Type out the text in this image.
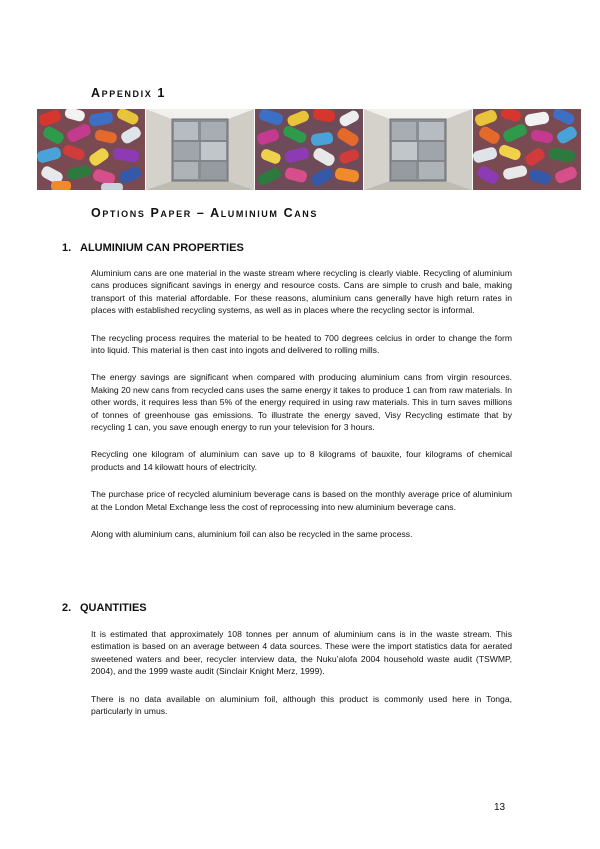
Appendix 1
Options Paper – Aluminium Cans
1. ALUMINIUM CAN PROPERTIES

Aluminium cans are one material in the waste stream where recycling is clearly viable. Recycling of aluminium cans produces significant savings in energy and resource costs. Cans are simple to crush and bale, making transport of this material affordable. For these reasons, aluminium cans generally have high return rates in places with established recycling systems, as well as in places where the recycling sector is informal.

The recycling process requires the material to be heated to 700 degrees celcius in order to change the form into liquid. This material is then cast into ingots and delivered to rolling mills.

The energy savings are significant when compared with producing aluminium cans from virgin resources. Making 20 new cans from recycled cans uses the same energy it takes to produce 1 can from raw materials. In other words, it requires less than 5% of the energy required in using raw materials. This in turn saves millions of tonnes of greenhouse gas emissions. To illustrate the energy saved, Visy Recycling estimate that by recycling 1 can, you save enough energy to run your television for 3 hours.

Recycling one kilogram of aluminium can save up to 8 kilograms of bauxite, four kilograms of chemical products and 14 kilowatt hours of electricity.

The purchase price of recycled aluminium beverage cans is based on the monthly average price of aluminium at the London Metal Exchange less the cost of reprocessing into new aluminium beverage cans.

Along with aluminium cans, aluminium foil can also be recycled in the same process.

2. QUANTITIES

It is estimated that approximately 108 tonnes per annum of aluminium cans is in the waste stream. This estimation is based on an average between 4 data sources. These were the import statistics data for aerated sweetened waters and beer, recycler interview data, the Nuku’alofa 2004 household waste audit (TSWMP, 2004), and the 1999 waste audit (Sinclair Knight Merz, 1999).

There is no data available on aluminium foil, although this product is commonly used here in Tonga, particularly in umus.

13
